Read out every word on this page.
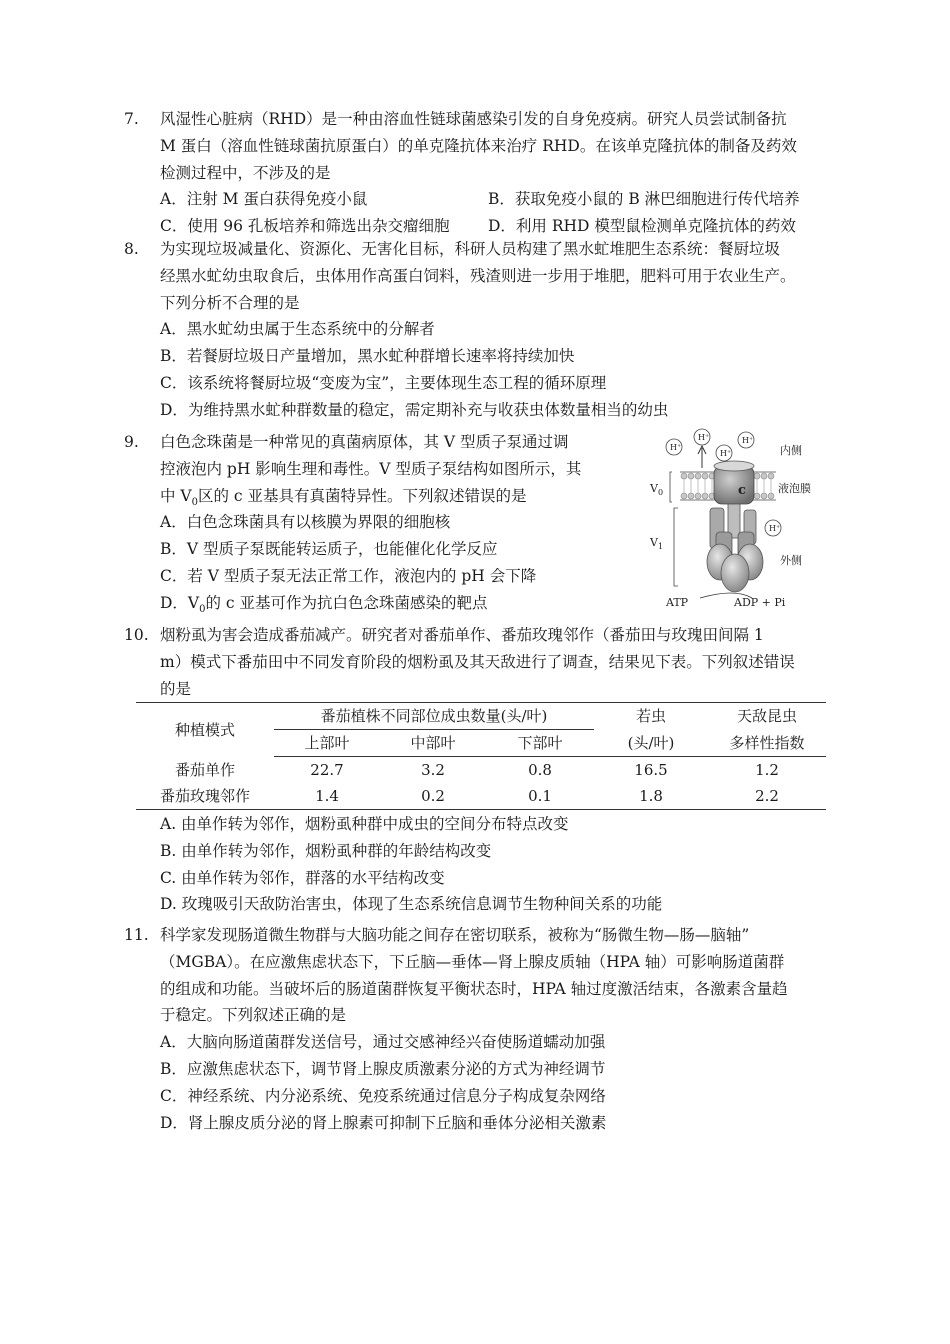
7.	风湿性心脏病（RHD）是一种由溶血性链球菌感染引发的自身免疫病。研究人员尝试制备抗
M 蛋白（溶血性链球菌抗原蛋白）的单克隆抗体来治疗 RHD。在该单克隆抗体的制备及药效
检测过程中，不涉及的是
A．注射 M 蛋白获得免疫小鼠	B．获取免疫小鼠的 B 淋巴细胞进行传代培养
C．使用 96 孔板培养和筛选出杂交瘤细胞	D．利用 RHD 模型鼠检测单克隆抗体的药效
8.	为实现垃圾减量化、资源化、无害化目标，科研人员构建了黑水虻堆肥生态系统：餐厨垃圾
经黑水虻幼虫取食后，虫体用作高蛋白饲料，残渣则进一步用于堆肥，肥料可用于农业生产。
下列分析不合理的是
A．黑水虻幼虫属于生态系统中的分解者
B．若餐厨垃圾日产量增加，黑水虻种群增长速率将持续加快
C．该系统将餐厨垃圾“变废为宝”，主要体现生态工程的循环原理
D．为维持黑水虻种群数量的稳定，需定期补充与收获虫体数量相当的幼虫
9.	白色念珠菌是一种常见的真菌病原体，其 V 型质子泵通过调
控液泡内 pH 影响生理和毒性。V 型质子泵结构如图所示，其
中 $V_0$区的 c 亚基具有真菌特异性。下列叙述错误的是
A．白色念珠菌具有以核膜为界限的细胞核
B．V 型质子泵既能转运质子，也能催化化学反应
C．若 V 型质子泵无法正常工作，液泡内的 pH 会下降
D．$V_0$的 c 亚基可作为抗白色念珠菌感染的靶点
c
H+
H+
H+
H+
H+
$V_0$
$V_1$
内侧
液泡膜
外侧
ATP	ADP + Pi
10. 烟粉虱为害会造成番茄减产。研究者对番茄单作、番茄玫瑰邻作（番茄田与玫瑰田间隔 1
m）模式下番茄田中不同发育阶段的烟粉虱及其天敌进行了调查，结果见下表。下列叙述错误
的是
种植模式	番茄植株不同部位成虫数量(头/叶)			若虫	天敌昆虫
	上部叶	中部叶	下部叶	(头/叶)	多样性指数
番茄单作	22.7	3.2	0.8	16.5	1.2
番茄玫瑰邻作	1.4	0.2	0.1	1.8	2.2
A. 由单作转为邻作，烟粉虱种群中成虫的空间分布特点改变
B. 由单作转为邻作，烟粉虱种群的年龄结构改变
C. 由单作转为邻作，群落的水平结构改变
D. 玫瑰吸引天敌防治害虫，体现了生态系统信息调节生物种间关系的功能
11. 科学家发现肠道微生物群与大脑功能之间存在密切联系，被称为“肠微生物—肠—脑轴”
（MGBA）。在应激焦虑状态下，下丘脑—垂体—肾上腺皮质轴（HPA 轴）可影响肠道菌群
的组成和功能。当破坏后的肠道菌群恢复平衡状态时，HPA 轴过度激活结束，各激素含量趋
于稳定。下列叙述正确的是
A．大脑向肠道菌群发送信号，通过交感神经兴奋使肠道蠕动加强
B．应激焦虑状态下，调节肾上腺皮质激素分泌的方式为神经调节
C．神经系统、内分泌系统、免疫系统通过信息分子构成复杂网络
D．肾上腺皮质分泌的肾上腺素可抑制下丘脑和垂体分泌相关激素
